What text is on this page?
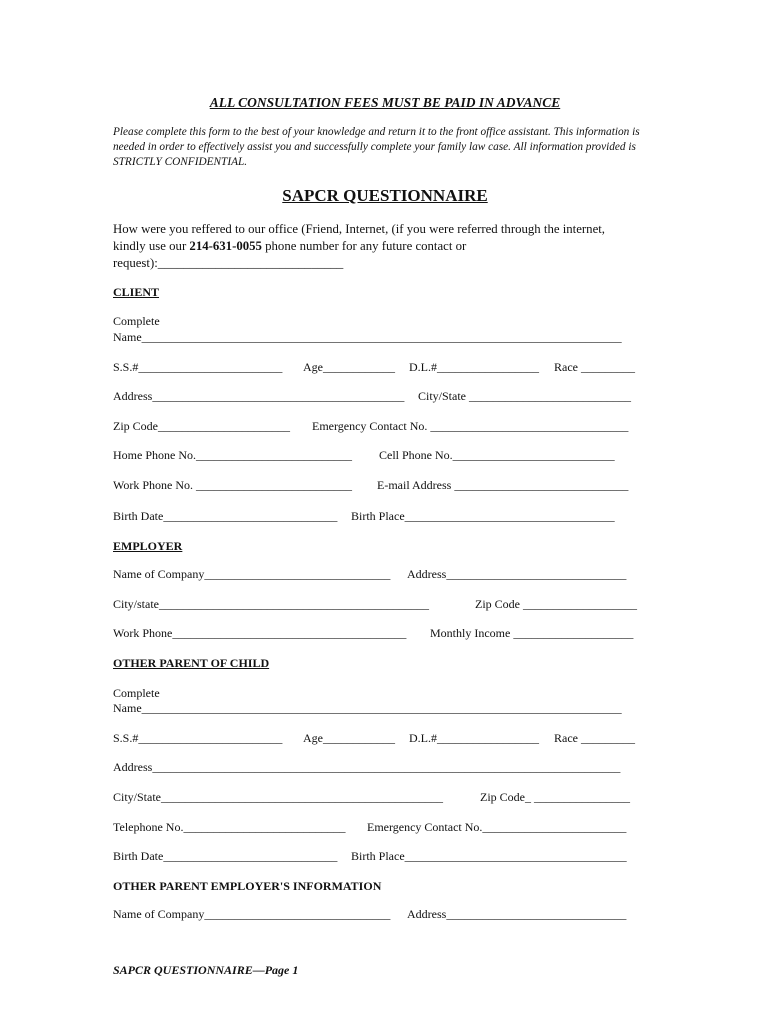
ALL CONSULTATION FEES MUST BE PAID IN ADVANCE
Please complete this form to the best of your knowledge and return it to the front office assistant. This information is needed in order to effectively assist you and successfully complete your family law case. All information provided is STRICTLY CONFIDENTIAL.
SAPCR QUESTIONNAIRE
How were you reffered to our office (Friend, Internet, (if you were referred through the internet,
kindly use our 214-631-0055 phone number for any future contact or
request):_____________________________
CLIENT
Complete
Name________________________________________________________________________________
S.S.#________________________ Age____________ D.L.#_________________ Race _________
Address__________________________________________ City/State ___________________________
Zip Code______________________ Emergency Contact No. _________________________________
Home Phone No.__________________________ Cell Phone No.___________________________
Work Phone No. __________________________ E-mail Address _____________________________
Birth Date_____________________________ Birth Place___________________________________
EMPLOYER
Name of Company_______________________________ Address______________________________
City/state_____________________________________________	Zip Code ___________________
Work Phone_______________________________________ Monthly Income ____________________
OTHER PARENT OF CHILD
Complete
Name________________________________________________________________________________
S.S.#________________________ Age____________ D.L.#_________________ Race _________
Address______________________________________________________________________________
City/State_______________________________________________	Zip Code_ ________________
Telephone No.___________________________ Emergency Contact No.________________________
Birth Date_____________________________ Birth Place_____________________________________
OTHER PARENT EMPLOYER'S INFORMATION
Name of Company_______________________________ Address______________________________
SAPCR QUESTIONNAIRE—Page 1
